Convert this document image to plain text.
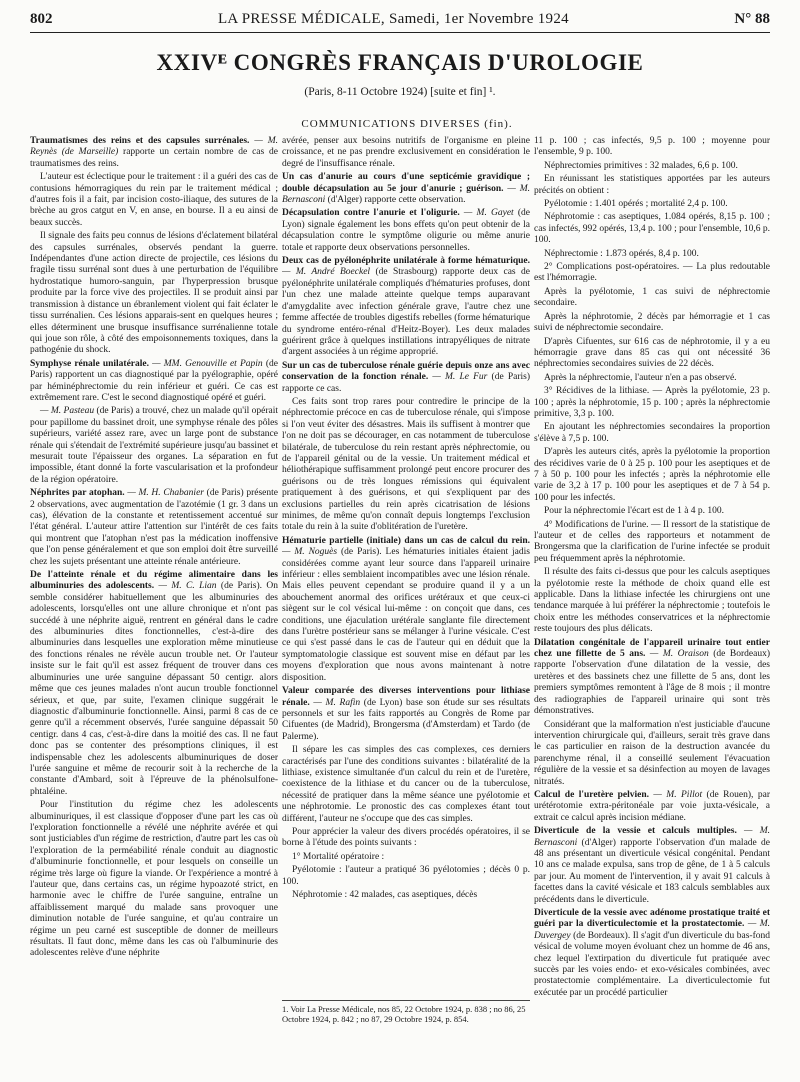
802	LA PRESSE MÉDICALE, Samedi, 1er Novembre 1924	N° 88
XXIVᴱ CONGRÈS FRANÇAIS D'UROLOGIE
(Paris, 8-11 Octobre 1924) [suite et fin] ¹.
COMMUNICATIONS DIVERSES (fin).

Traumatismes des reins et des capsules surrénales. — M. Reynès (de Marseille) rapporte un certain nombre de cas de traumatismes des reins.

L'auteur est éclectique pour le traitement : il a guéri des cas de contusions hémorragiques du rein par le traitement médical ; d'autres fois il a fait, par incision costo-iliaque, des sutures de la brèche au gros catgut en V, en anse, en bourse. Il a eu ainsi de beaux succès.

Il signale des faits peu connus de lésions d'éclatement bilatéral des capsules surrénales, observés pendant la guerre. Indépendantes d'une action directe de projectile, ces lésions du fragile tissu surrénal sont dues à une perturbation de l'équilibre hydrostatique humoro-sanguin, par l'hyperpression brusque produite par la force vive des projectiles. Il se produit ainsi par transmission à distance un ébranlement violent qui fait éclater le tissu surrénalien. Ces lésions apparais-sent en quelques heures ; elles déterminent une brusque insuffisance surrénalienne totale qui joue son rôle, à côté des empoisonnements toxiques, dans la pathogénie du shock.

Symphyse rénale unilatérale. — MM. Genouville et Papin (de Paris) rapportent un cas diagnostiqué par la pyélographie, opéré par héminéphrectomie du rein inférieur et guéri. Ce cas est extrêmement rare. C'est le second diagnostiqué opéré et guéri.

— M. Pasteau (de Paris) a trouvé, chez un malade qu'il opérait pour papillome du bassinet droit, une symphyse rénale des pôles supérieurs, variété assez rare, avec un large pont de substance rénale qui s'étendait de l'extrémité supérieure jusqu'au bassinet et mesurait toute l'épaisseur des organes. La séparation en fut impossible, étant donné la forte vascularisation et la profondeur de la région opératoire.

Néphrites par atophan. — M. H. Chabanier (de Paris) présente 2 observations, avec augmentation de l'azotémie (1 gr. 3 dans un cas), élévation de la constante et retentissement accentué sur l'état général. L'auteur attire l'attention sur l'intérêt de ces faits qui montrent que l'atophan n'est pas la médication inoffensive que l'on pense généralement et que son emploi doit être surveillé chez les sujets présentant une atteinte rénale antérieure.

De l'atteinte rénale et du régime alimentaire dans les albuminuries des adolescents. — M. C. Lian (de Paris). On semble considérer habituellement que les albuminuries des adolescents, lorsqu'elles ont une allure chronique et n'ont pas succédé à une néphrite aiguë, rentrent en général dans le cadre des albuminuries dites fonctionnelles, c'est-à-dire des albuminuries dans lesquelles une exploration même minutieuse des fonctions rénales ne révèle aucun trouble net. Or l'auteur insiste sur le fait qu'il est assez fréquent de trouver dans ces albuminuries une urée sanguine dépassant 50 centigr. alors même que ces jeunes malades n'ont aucun trouble fonctionnel sérieux, et que, par suite, l'examen clinique suggérait le diagnostic d'albuminurie fonctionnelle. Ainsi, parmi 8 cas de ce genre qu'il a récemment observés, l'urée sanguine dépassait 50 centigr. dans 4 cas, c'est-à-dire dans la moitié des cas. Il ne faut donc pas se contenter des présomptions cliniques, il est indispensable chez les adolescents albuminuriques de doser l'urée sanguine et même de recourir soit à la recherche de la constante d'Ambard, soit à l'épreuve de la phénolsulfone-phtaléine.

Pour l'institution du régime chez les adolescents albuminuriques, il est classique d'opposer d'une part les cas où l'exploration fonctionnelle a révélé une néphrite avérée et qui sont justiciables d'un régime de restriction, d'autre part les cas où l'exploration de la perméabilité rénale conduit au diagnostic d'albuminurie fonctionnelle, et pour lesquels on conseille un régime très large où figure la viande. Or l'expérience a montré à l'auteur que, dans certains cas, un régime hypoazoté strict, en harmonie avec le chiffre de l'urée sanguine, entraîne un affaiblissement marqué du malade sans provoquer une diminution notable de l'urée sanguine, et qu'au contraire un régime un peu carné est susceptible de donner de meilleurs résultats. Il faut donc, même dans les cas où l'albuminurie des adolescentes relève d'une néphrite

avérée, penser aux besoins nutritifs de l'organisme en pleine croissance, et ne pas prendre exclusivement en considération le degré de l'insuffisance rénale.

Un cas d'anurie au cours d'une septicémie gravidique ; double décapsulation au 5e jour d'anurie ; guérison. — M. Bernasconi (d'Alger) rapporte cette observation.

Décapsulation contre l'anurie et l'oligurie. — M. Gayet (de Lyon) signale également les bons effets qu'on peut obtenir de la décapsulation contre le symptôme oligurie ou même anurie totale et rapporte deux observations personnelles.

Deux cas de pyélonéphrite unilatérale à forme hématurique. — M. André Boeckel (de Strasbourg) rapporte deux cas de pyélonéphrite unilatérale compliqués d'hématuries profuses, dont l'un chez une malade atteinte quelque temps auparavant d'amygdalite avec infection générale grave, l'autre chez une femme affectée de troubles digestifs rebelles (forme hématurique du syndrome entéro-rénal d'Heitz-Boyer). Les deux malades guérirent grâce à quelques instillations intrapyéliques de nitrate d'argent associées à un régime approprié.

Sur un cas de tuberculose rénale guérie depuis onze ans avec conservation de la fonction rénale. — M. Le Fur (de Paris) rapporte ce cas.

Ces faits sont trop rares pour contredire le principe de la néphrectomie précoce en cas de tuberculose rénale, qui s'impose si l'on veut éviter des désastres. Mais ils suffisent à montrer que l'on ne doit pas se décourager, en cas notamment de tuberculose bilatérale, de tuberculose du rein restant après néphrectomie, ou de l'appareil génital ou de la vessie. Un traitement médical et héliothérapique suffisamment prolongé peut encore procurer des guérisons ou de très longues rémissions qui équivalent pratiquement à des guérisons, et qui s'expliquent par des exclusions partielles du rein après cicatrisation de lésions minimes, de même qu'on connaît depuis longtemps l'exclusion totale du rein à la suite d'oblitération de l'uretère.

Hématurie partielle (initiale) dans un cas de calcul du rein. — M. Noguès (de Paris). Les hématuries initiales étaient jadis considérées comme ayant leur source dans l'appareil urinaire inférieur : elles semblaient incompatibles avec une lésion rénale. Mais elles peuvent cependant se produire quand il y a un abouchement anormal des orifices urétéraux et que ceux-ci siègent sur le col vésical lui-même : on conçoit que dans, ces conditions, une éjaculation urétérale sanglante file directement dans l'urètre postérieur sans se mélanger à l'urine vésicale. C'est ce qui s'est passé dans le cas de l'auteur qui en déduit que la symptomatologie classique est souvent mise en défaut par les moyens d'exploration que nous avons maintenant à notre disposition.

Valeur comparée des diverses interventions pour lithiase rénale. — M. Rafin (de Lyon) base son étude sur ses résultats personnels et sur les faits rapportés au Congrès de Rome par Cifuentes (de Madrid), Brongersma (d'Amsterdam) et Tardo (de Palerme).

Il sépare les cas simples des cas complexes, ces derniers caractérisés par l'une des conditions suivantes : bilatéralité de la lithiase, existence simultanée d'un calcul du rein et de l'uretère, coexistence de la lithiase et du cancer ou de la tuberculose, nécessité de pratiquer dans la même séance une pyélotomie et une néphrotomie. Le pronostic des cas complexes étant tout différent, l'auteur ne s'occupe que des cas simples.

Pour apprécier la valeur des divers procédés opératoires, il se borne à l'étude des points suivants :

1° Mortalité opératoire :

Pyélotomie : l'auteur a pratiqué 36 pyélotomies ; décès 0 p. 100.

Néphrotomie : 42 malades, cas aseptiques, décès

11 p. 100 ; cas infectés, 9,5 p. 100 ; moyenne pour l'ensemble, 9 p. 100.

Néphrectomies primitives : 32 malades, 6,6 p. 100.

En réunissant les statistiques apportées par les auteurs précités on obtient :

Pyélotomie : 1.401 opérés ; mortalité 2,4 p. 100.

Néphrotomie : cas aseptiques, 1.084 opérés, 8,15 p. 100 ; cas infectés, 992 opérés, 13,4 p. 100 ; pour l'ensemble, 10,6 p. 100.

Néphrectomie : 1.873 opérés, 8,4 p. 100.

2° Complications post-opératoires. — La plus redoutable est l'hémorragie.

Après la pyélotomie, 1 cas suivi de néphrectomie secondaire.

Après la néphrotomie, 2 décès par hémorragie et 1 cas suivi de néphrectomie secondaire.

D'après Cifuentes, sur 616 cas de néphrotomie, il y a eu hémorragie grave dans 85 cas qui ont nécessité 36 néphrectomies secondaires suivies de 22 décès.

Après la néphrectomie, l'auteur n'en a pas observé.

3° Récidives de la lithiase. — Après la pyélotomie, 23 p. 100 ; après la néphrotomie, 15 p. 100 ; après la néphrectomie primitive, 3,3 p. 100.

En ajoutant les néphrectomies secondaires la proportion s'élève à 7,5 p. 100.

D'après les auteurs cités, après la pyélotomie la proportion des récidives varie de 0 à 25 p. 100 pour les aseptiques et de 7 à 50 p. 100 pour les infectés ; après la néphrotomie elle varie de 3,2 à 17 p. 100 pour les aseptiques et de 7 à 54 p. 100 pour les infectés.

Pour la néphrectomie l'écart est de 1 à 4 p. 100.

4° Modifications de l'urine. — Il ressort de la statistique de l'auteur et de celles des rapporteurs et notamment de Brongersma que la clarification de l'urine infectée se produit peu fréquemment après la néphrotomie.

Il résulte des faits ci-dessus que pour les calculs aseptiques la pyélotomie reste la méthode de choix quand elle est applicable. Dans la lithiase infectée les chirurgiens ont une tendance marquée à lui préférer la néphrectomie ; toutefois le choix entre les méthodes conservatrices et la néphrectomie reste toujours des plus délicats.

Dilatation congénitale de l'appareil urinaire tout entier chez une fillette de 5 ans. — M. Oraison (de Bordeaux) rapporte l'observation d'une dilatation de la vessie, des uretères et des bassinets chez une fillette de 5 ans, dont les premiers symptômes remontent à l'âge de 8 mois ; il montre des radiographies de l'appareil urinaire qui sont très démonstratives.

Considérant que la malformation n'est justiciable d'aucune intervention chirurgicale qui, d'ailleurs, serait très grave dans le cas particulier en raison de la destruction avancée du parenchyme rénal, il a conseillé seulement l'évacuation régulière de la vessie et sa désinfection au moyen de lavages nitratés.

Calcul de l'uretère pelvien. — M. Pillot (de Rouen), par urétérotomie extra-péritonéale par voie juxta-vésicale, a extrait ce calcul après incision médiane.

Diverticule de la vessie et calculs multiples. — M. Bernasconi (d'Alger) rapporte l'observation d'un malade de 48 ans présentant un diverticule vésical congénital. Pendant 10 ans ce malade expulsa, sans trop de gêne, de 1 à 5 calculs par jour. Au moment de l'intervention, il y avait 91 calculs à facettes dans la cavité vésicale et 183 calculs semblables aux précédents dans le diverticule.

Diverticule de la vessie avec adénome prostatique traité et guéri par la diverticulectomie et la prostatectomie. — M. Duvergey (de Bordeaux). Il s'agit d'un diverticule du bas-fond vésical de volume moyen évoluant chez un homme de 46 ans, chez lequel l'extirpation du diverticule fut pratiquée avec succès par les voies endo- et exo-vésicales combinées, avec prostatectomie complémentaire. La diverticulectomie fut exécutée par un procédé particulier

1. Voir La Presse Médicale, nos 85, 22 Octobre 1924, p. 838 ; no 86, 25 Octobre 1924, p. 842 ; no 87, 29 Octobre 1924, p. 854.
